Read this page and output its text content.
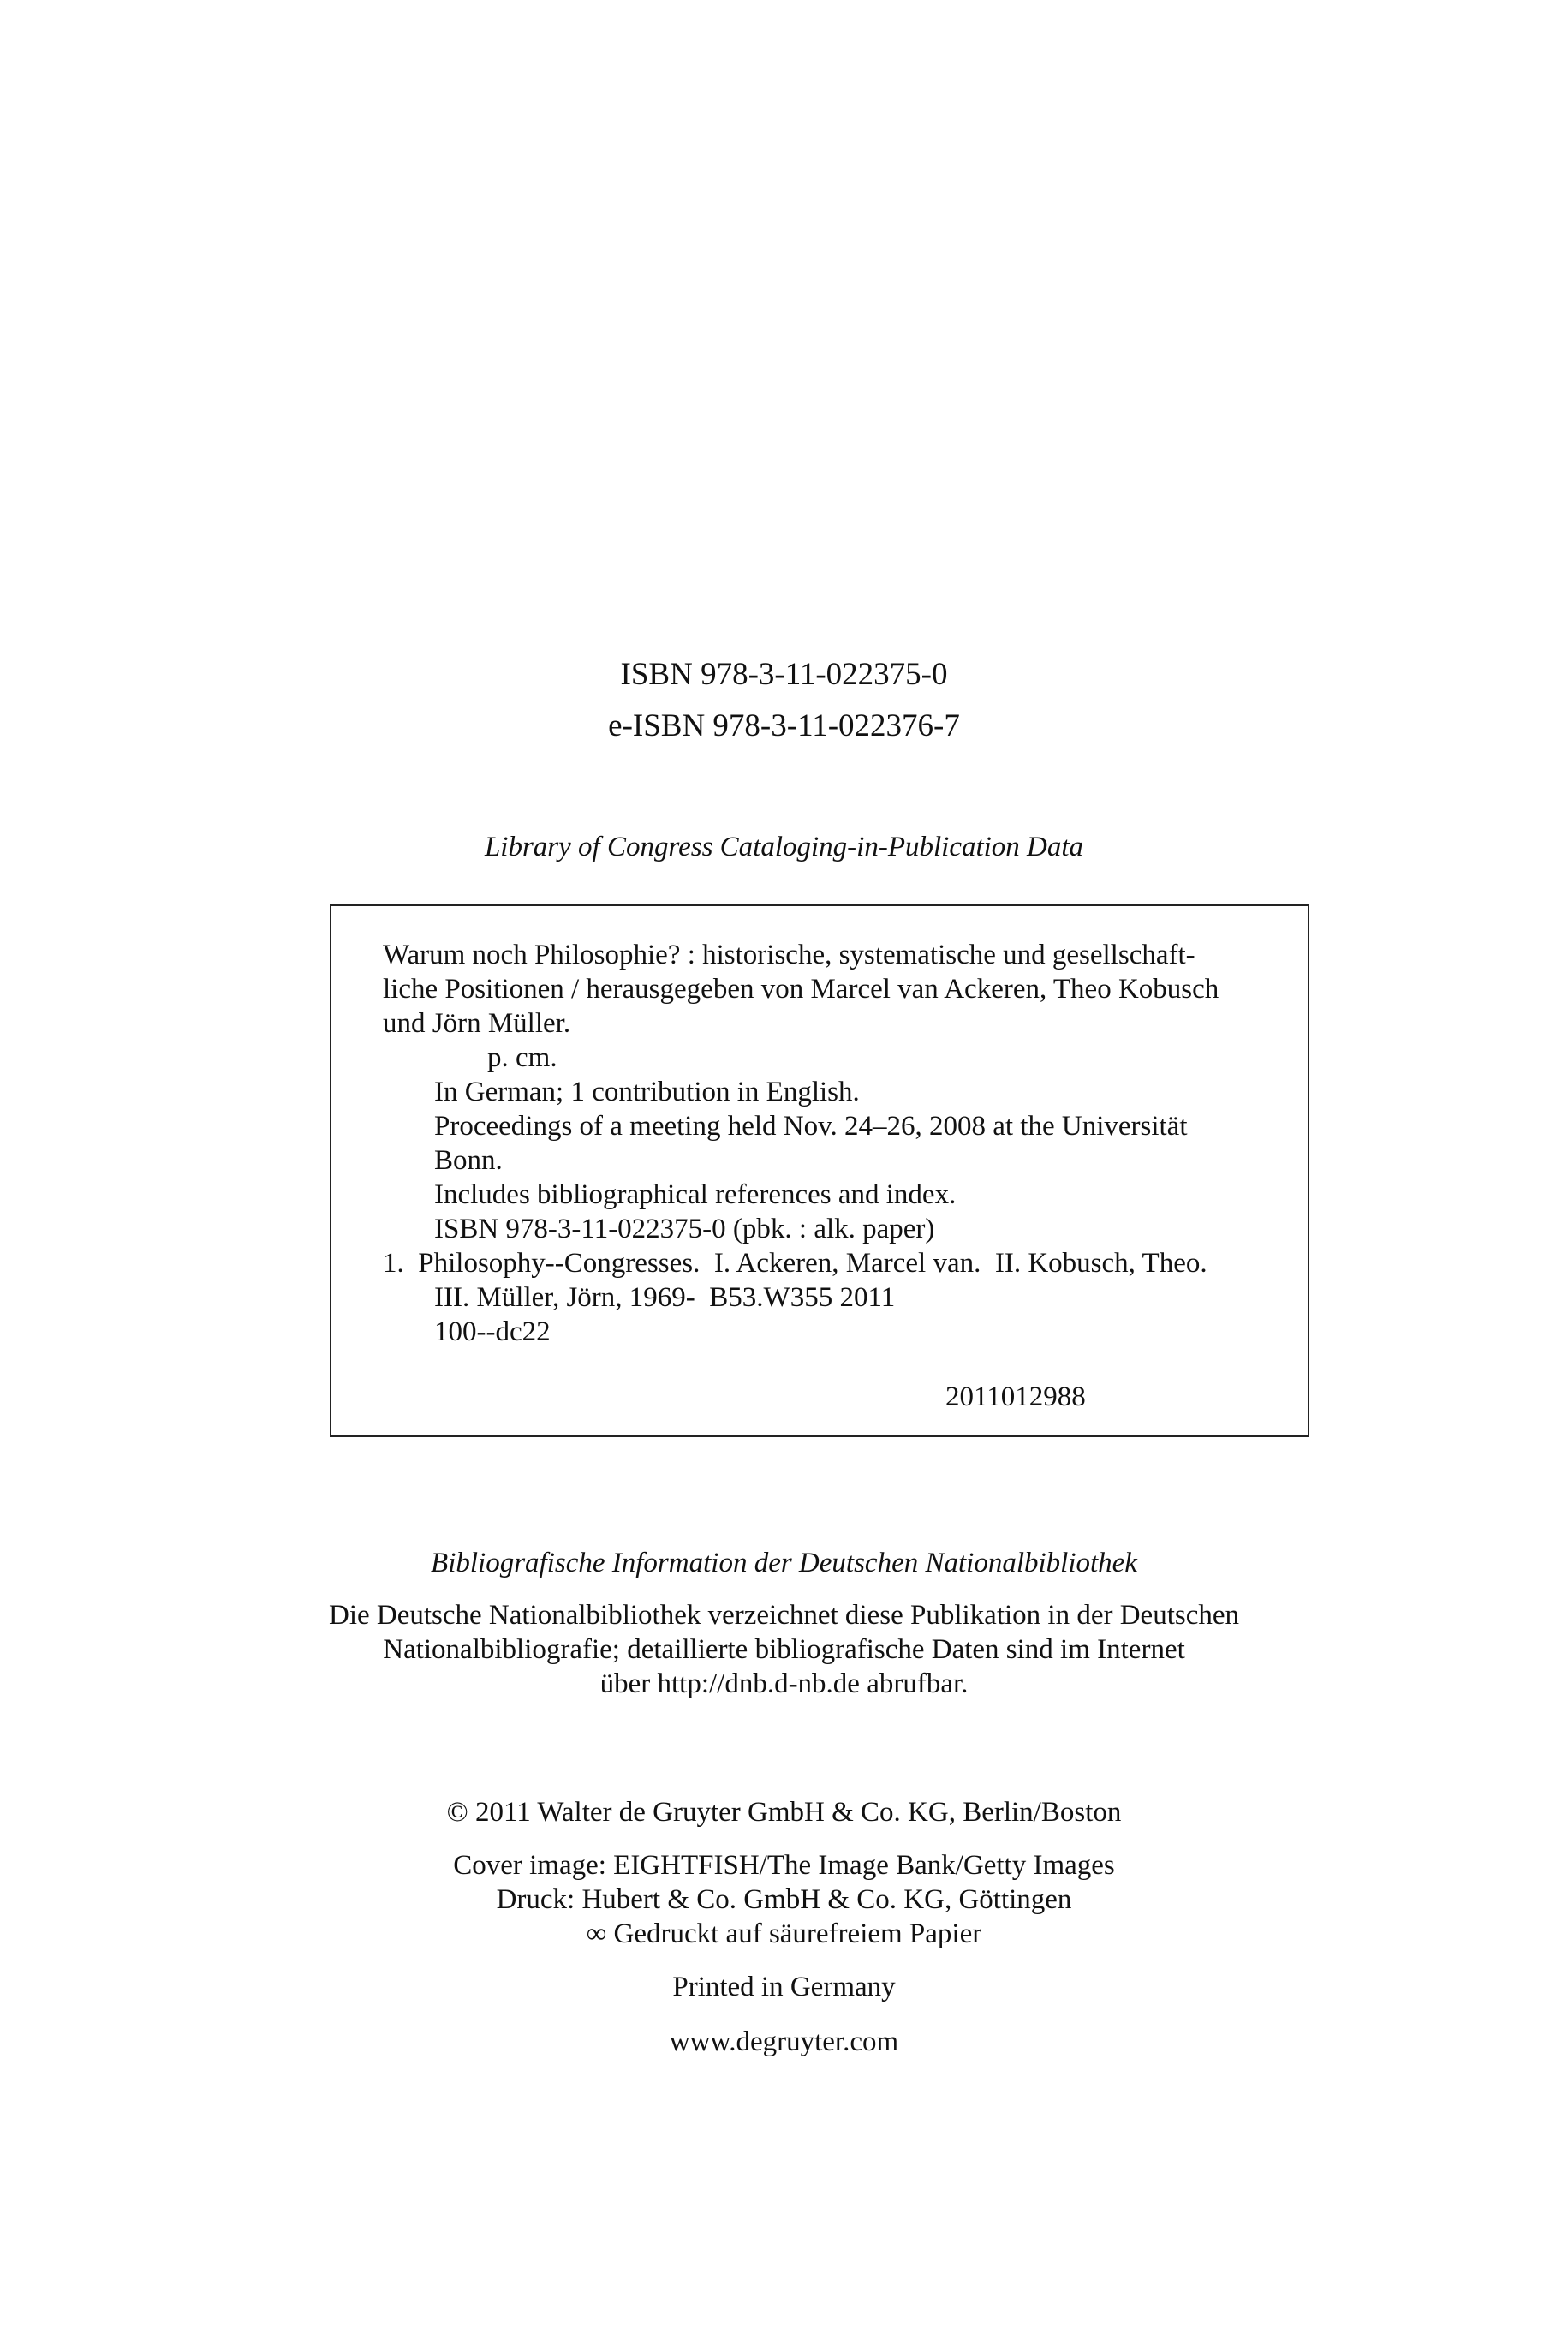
ISBN 978-3-11-022375-0
e-ISBN 978-3-11-022376-7
Library of Congress Cataloging-in-Publication Data
Warum noch Philosophie? : historische, systematische und gesellschaft-
liche Positionen / herausgegeben von Marcel van Ackeren, Theo Kobusch
und Jörn Müller.
p. cm.
In German; 1 contribution in English.
Proceedings of a meeting held Nov. 24–26, 2008 at the Universität
Bonn.
Includes bibliographical references and index.
ISBN 978-3-11-022375-0 (pbk. : alk. paper)
1.  Philosophy--Congresses.  I. Ackeren, Marcel van.  II. Kobusch, Theo.
III. Müller, Jörn, 1969-  B53.W355 2011
100--dc22
2011012988
Bibliografische Information der Deutschen Nationalbibliothek
Die Deutsche Nationalbibliothek verzeichnet diese Publikation in der Deutschen
Nationalbibliografie; detaillierte bibliografische Daten sind im Internet
über http://dnb.d-nb.de abrufbar.
© 2011 Walter de Gruyter GmbH & Co. KG, Berlin/Boston
Cover image: EIGHTFISH/The Image Bank/Getty Images
Druck: Hubert & Co. GmbH & Co. KG, Göttingen
∞ Gedruckt auf säurefreiem Papier
Printed in Germany
www.degruyter.com
